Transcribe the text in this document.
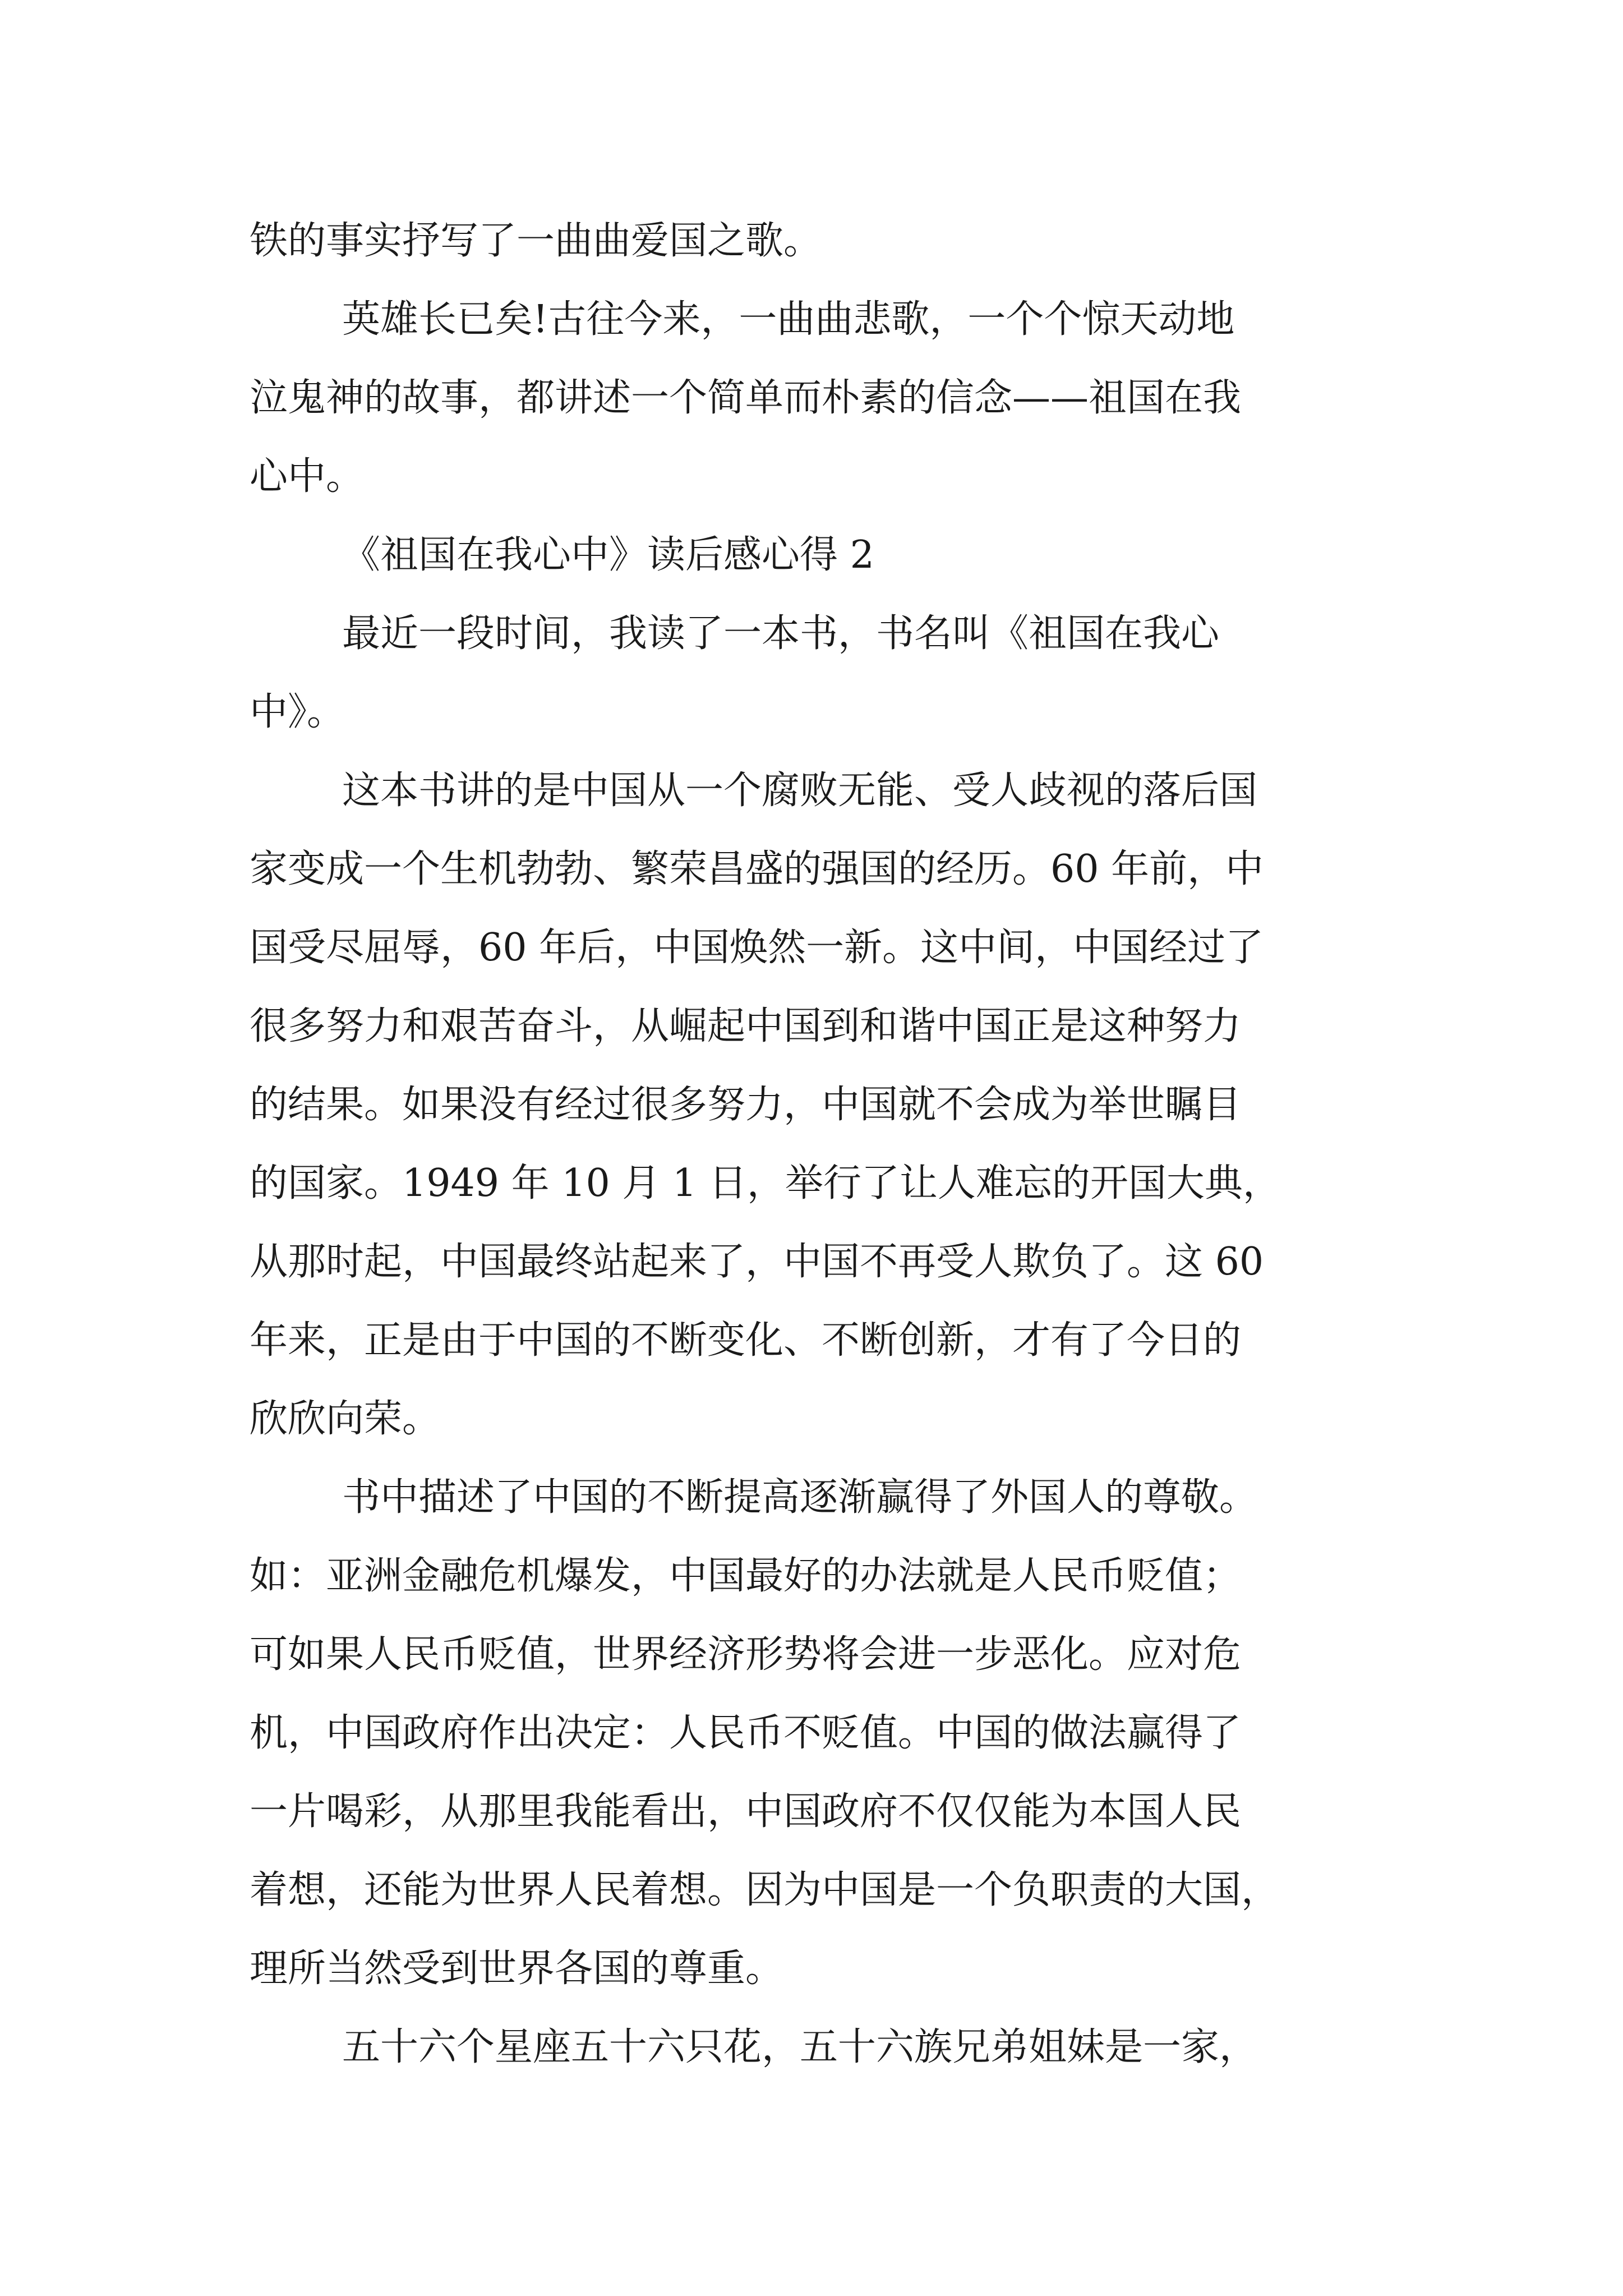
铁的事实抒写了一曲曲爱国之歌。
英雄长已矣!古往今来，一曲曲悲歌，一个个惊天动地
泣鬼神的故事，都讲述一个简单而朴素的信念——祖国在我
心中。
《祖国在我心中》读后感心得 2
最近一段时间，我读了一本书，书名叫《祖国在我心
中》。
这本书讲的是中国从一个腐败无能、受人歧视的落后国
家变成一个生机勃勃、繁荣昌盛的强国的经历。60 年前，中
国受尽屈辱，60 年后，中国焕然一新。这中间，中国经过了
很多努力和艰苦奋斗，从崛起中国到和谐中国正是这种努力
的结果。如果没有经过很多努力，中国就不会成为举世瞩目
的国家。1949 年 10 月 1 日，举行了让人难忘的开国大典，
从那时起，中国最终站起来了，中国不再受人欺负了。这 60
年来，正是由于中国的不断变化、不断创新，才有了今日的
欣欣向荣。
书中描述了中国的不断提高逐渐赢得了外国人的尊敬。
如：亚洲金融危机爆发，中国最好的办法就是人民币贬值；
可如果人民币贬值，世界经济形势将会进一步恶化。应对危
机，中国政府作出决定：人民币不贬值。中国的做法赢得了
一片喝彩，从那里我能看出，中国政府不仅仅能为本国人民
着想，还能为世界人民着想。因为中国是一个负职责的大国，
理所当然受到世界各国的尊重。
五十六个星座五十六只花，五十六族兄弟姐妹是一家，
